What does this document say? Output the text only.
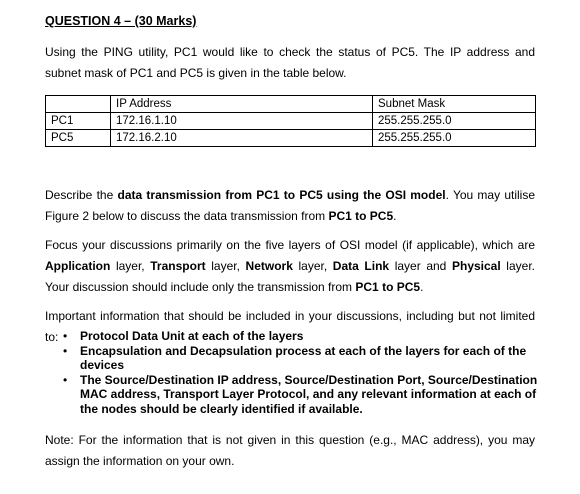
QUESTION 4 – (30 Marks)
Using the PING utility, PC1 would like to check the status of PC5. The IP address and subnet mask of PC1 and PC5 is given in the table below.
	IP Address	Subnet Mask
PC1	172.16.1.10	255.255.255.0
PC5	172.16.2.10	255.255.255.0
Describe the data transmission from PC1 to PC5 using the OSI model. You may utilise Figure 2 below to discuss the data transmission from PC1 to PC5.
Focus your discussions primarily on the five layers of OSI model (if applicable), which are Application layer, Transport layer, Network layer, Data Link layer and Physical layer. Your discussion should include only the transmission from PC1 to PC5.
Important information that should be included in your discussions, including but not limited to: • Protocol Data Unit at each of the layers
• Encapsulation and Decapsulation process at each of the layers for each of the devices
• The Source/Destination IP address, Source/Destination Port, Source/Destination MAC address, Transport Layer Protocol, and any relevant information at each of the nodes should be clearly identified if available.
Note: For the information that is not given in this question (e.g., MAC address), you may assign the information on your own.
